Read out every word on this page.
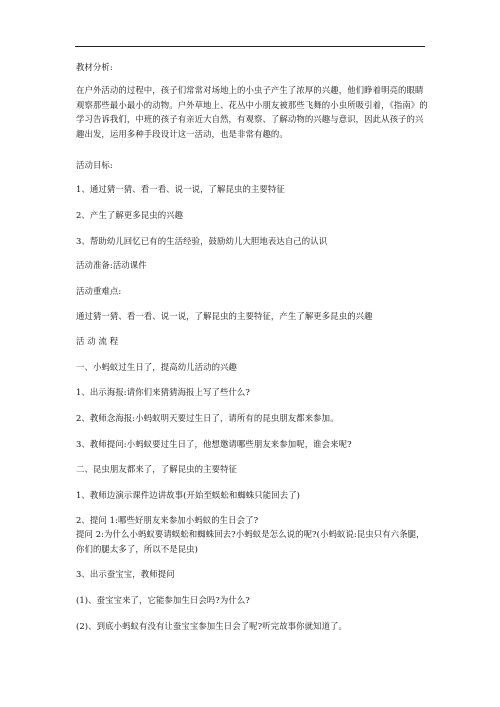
教材分析:
在户外活动的过程中，孩子们常常对场地上的小虫子产生了浓厚的兴趣，他们睁着明亮的眼睛观察那些最小最小的动物。户外草地上、花丛中小朋友被那些飞舞的小虫所吸引着，《指南》的学习告诉我们，中班的孩子有亲近大自然，有观察、了解动物的兴趣与意识，因此从孩子的兴趣出发，运用多种手段设计这一活动，也是非常有趣的。
活动目标:
1、通过猜一猜、看一看、说一说，了解昆虫的主要特征
2、产生了解更多昆虫的兴趣
3、帮助幼儿回忆已有的生活经验，鼓励幼儿大胆地表达自己的认识
活动准备:活动课件
活动重难点:
通过猜一猜、看一看、说一说，了解昆虫的主要特征，产生了解更多昆虫的兴趣
活 动 流 程
一、小蚂蚁过生日了，提高幼儿活动的兴趣
1、出示海报:请你们来猜猜海报上写了些什么?
2、教师念海报:小蚂蚁明天要过生日了，请所有的昆虫朋友都来参加。
3、教师提问:小蚂蚁要过生日了，他想邀请哪些朋友来参加呢，谁会来呢?
二、昆虫朋友都来了，了解昆虫的主要特征
1、教师边演示课件边讲故事(开始至蜈蚣和蜘蛛只能回去了)
2、提问 1:哪些好朋友来参加小蚂蚁的生日会了?
提问 2:为什么小蚂蚁要请蜈蚣和蜘蛛回去?小蚂蚁是怎么说的呢?(小蚂蚁说:昆虫只有六条腿，你们的腿太多了，所以不是昆虫)
3、出示蚕宝宝，教师提问
(1)、蚕宝宝来了，它能参加生日会吗?为什么?
(2)、到底小蚂蚁有没有让蚕宝宝参加生日会了呢?听完故事你就知道了。
